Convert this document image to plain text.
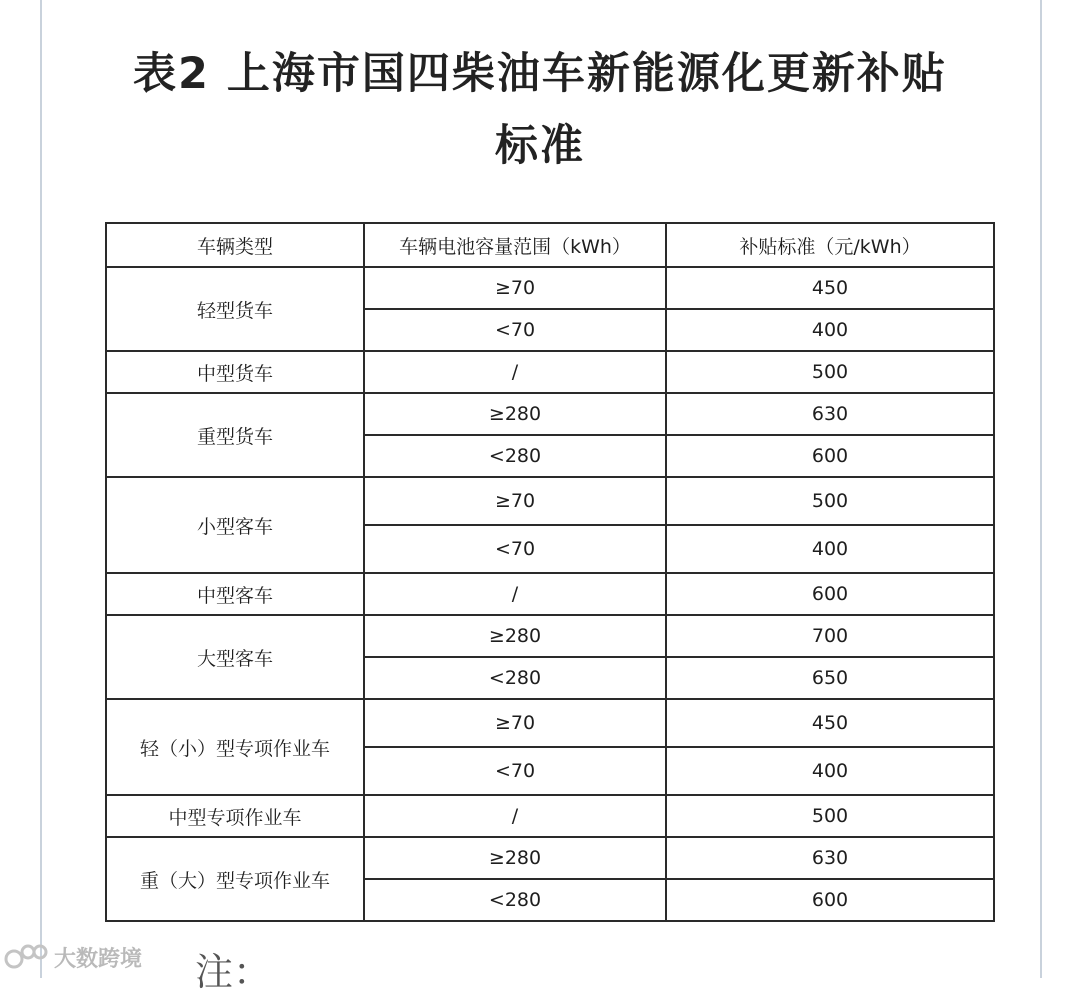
表2 上海市国四柴油车新能源化更新补贴
标准
车辆类型	车辆电池容量范围（kWh）	补贴标准（元/kWh）
轻型货车	≥70	450
	<70	400
中型货车	/	500
重型货车	≥280	630
	<280	600
小型客车	≥70	500
	<70	400
中型客车	/	600
大型客车	≥280	700
	<280	650
轻（小）型专项作业车	≥70	450
	<70	400
中型专项作业车	/	500
重（大）型专项作业车	≥280	630
	<280	600
注：
大数跨境
